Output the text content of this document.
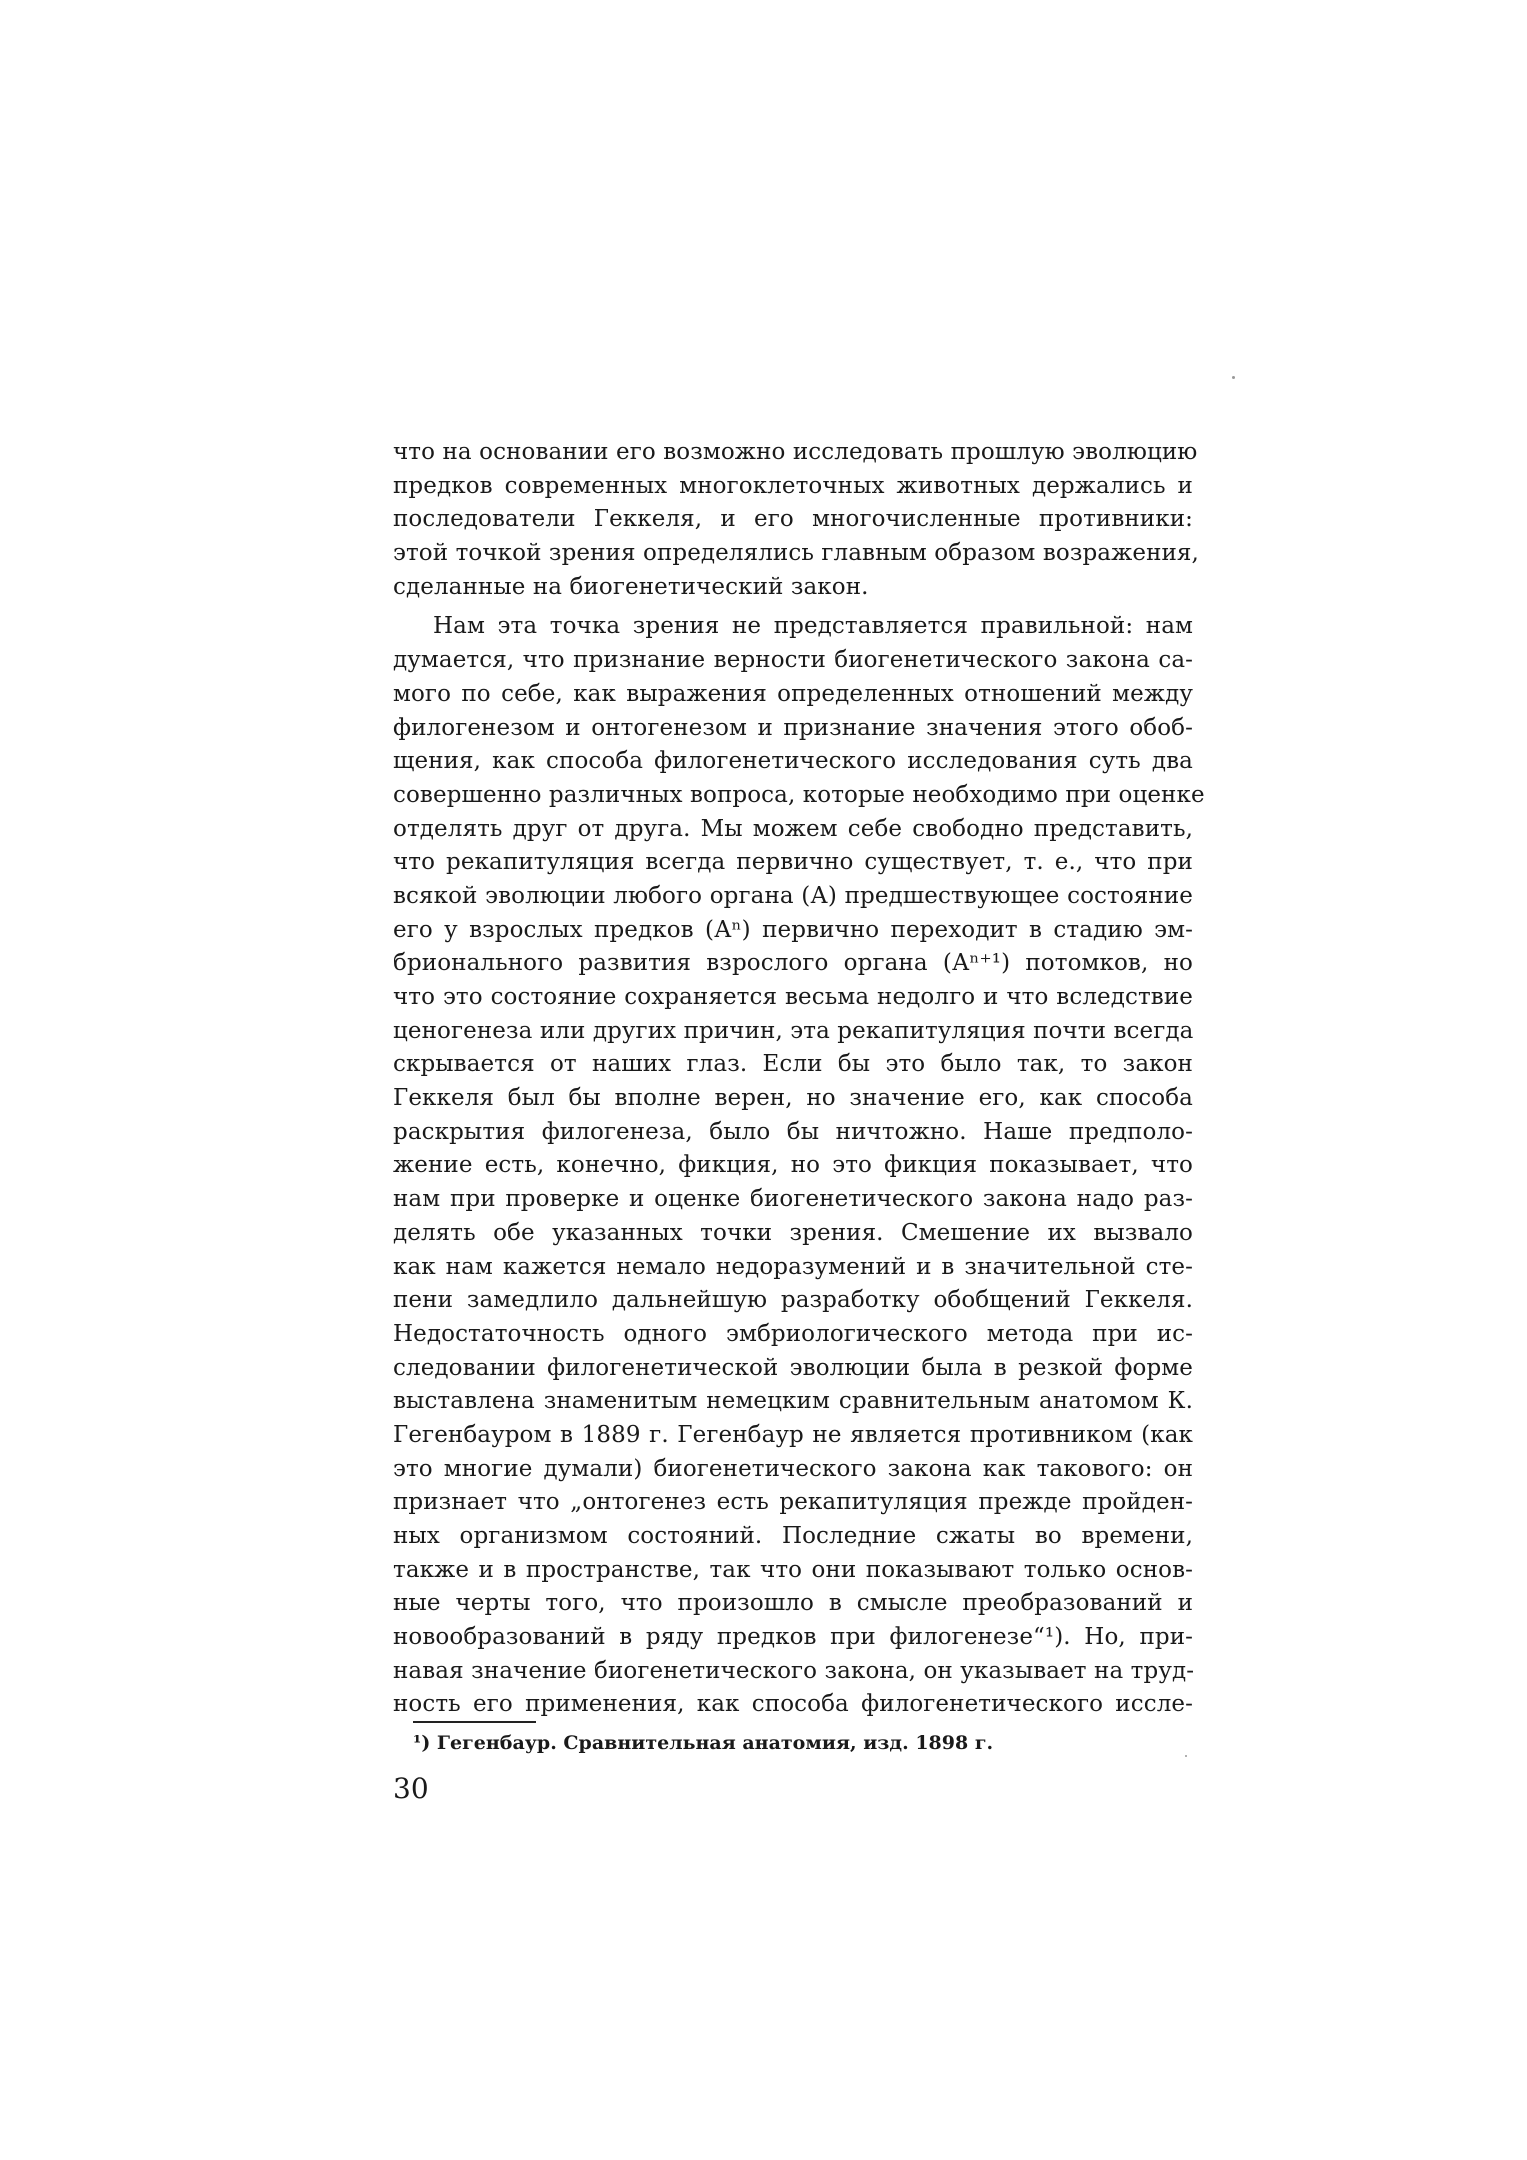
что на основании его возможно исследовать прошлую эволюцию
предков современных многоклеточных животных держались и
последователи Геккеля, и его многочисленные противники:
этой точкой зрения определялись главным образом возражения,
сделанные на биогенетический закон.
Нам эта точка зрения не представляется правильной: нам
думается, что признание верности биогенетического закона са-
мого по себе, как выражения определенных отношений между
филогенезом и онтогенезом и признание значения этого обоб-
щения, как способа филогенетического исследования суть два
совершенно различных вопроса, которые необходимо при оценке
отделять друг от друга. Мы можем себе свободно представить,
что рекапитуляция всегда первично существует, т. е., что при
всякой эволюции любого органа (А) предшествующее состояние
его у взрослых предков (Аⁿ) первично переходит в стадию эм-
брионального развития взрослого органа (Аⁿ⁺¹) потомков, но
что это состояние сохраняется весьма недолго и что вследствие
ценогенеза или других причин, эта рекапитуляция почти всегда
скрывается от наших глаз. Если бы это было так, то закон
Геккеля был бы вполне верен, но значение его, как способа
раскрытия филогенеза, было бы ничтожно. Наше предполо-
жение есть, конечно, фикция, но это фикция показывает, что
нам при проверке и оценке биогенетического закона надо раз-
делять обе указанных точки зрения. Смешение их вызвало
как нам кажется немало недоразумений и в значительной сте-
пени замедлило дальнейшую разработку обобщений Геккеля.
Недостаточность одного эмбриологического метода при ис-
следовании филогенетической эволюции была в резкой форме
выставлена знаменитым немецким сравнительным анатомом К.
Гегенбауром в 1889 г. Гегенбаур не является противником (как
это многие думали) биогенетического закона как такового: он
признает что „онтогенез есть рекапитуляция прежде пройден-
ных организмом состояний. Последние сжаты во времени,
также и в пространстве, так что они показывают только основ-
ные черты того, что произошло в смысле преобразований и
новообразований в ряду предков при филогенезе“¹). Но, при-
навая значение биогенетического закона, он указывает на труд-
ность его применения, как способа филогенетического иссле-
¹) Гегенбаур. Сравнительная анатомия, изд. 1898 г.
30
